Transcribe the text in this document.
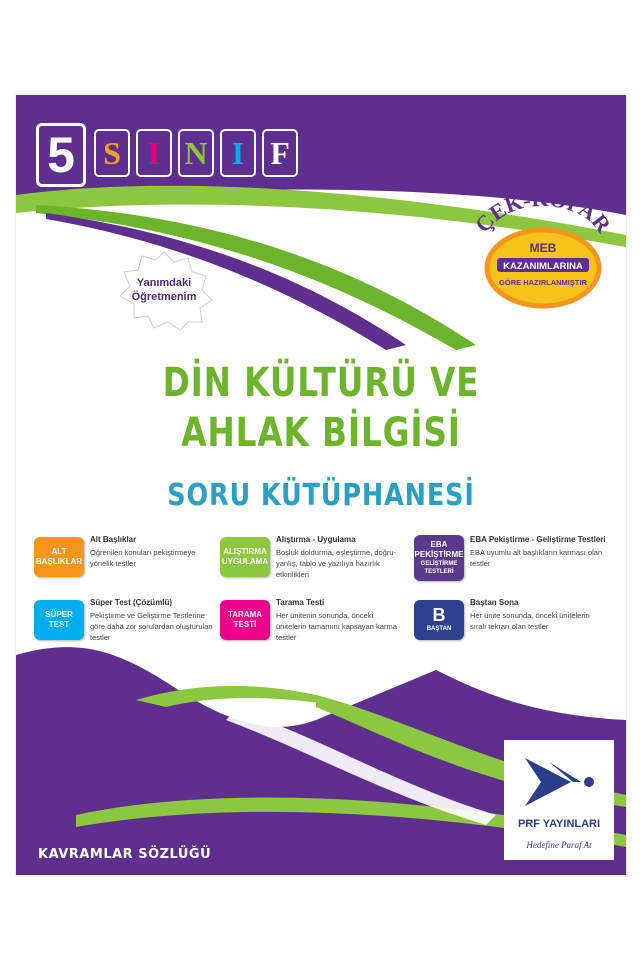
5 S I N I F
ÇEK-KOPAR
MEB
KAZANIMLARINA
GÖRE HAZIRLANMIŞTIR
Yanımdaki
Öğretmenim
DİN KÜLTÜRÜ VE
AHLAK BİLGİSİ
SORU KÜTÜPHANESİ
ALT
BAŞLIKLAR
Alt Başlıklar
Öğrenilen konuları pekiştirmeye yönelik testler
ALIŞTIRMA
UYGULAMA
Alıştırma - Uygulama
Boşluk doldurma, eşleştirme, doğru-yanlış, tablo ve yazılıya hazırlık etkinlikleri
EBA
PEKİŞTİRME
GELİŞTİRME TESTLERİ
EBA Pekiştirme - Geliştirme Testleri
EBA uyumlu alt başlıkların karması olan testler
SÜPER
TEST
Süper Test (Çözümlü)
Pekiştirme ve Geliştirme Testlerine göre daha zor sorulardan oluşturulan testler
TARAMA
TESTİ
Tarama Testi
Her ünitenin sonunda, önceki ünitelerin tamamını kapsayan karma testler
B
BAŞTAN
Baştan Sona
Her ünite sonunda, önceki ünitelerin sıralı tekrarı olan testler
KAVRAMLAR SÖZLÜĞÜ
PRF YAYINLARI
Hedefine Paraf At
